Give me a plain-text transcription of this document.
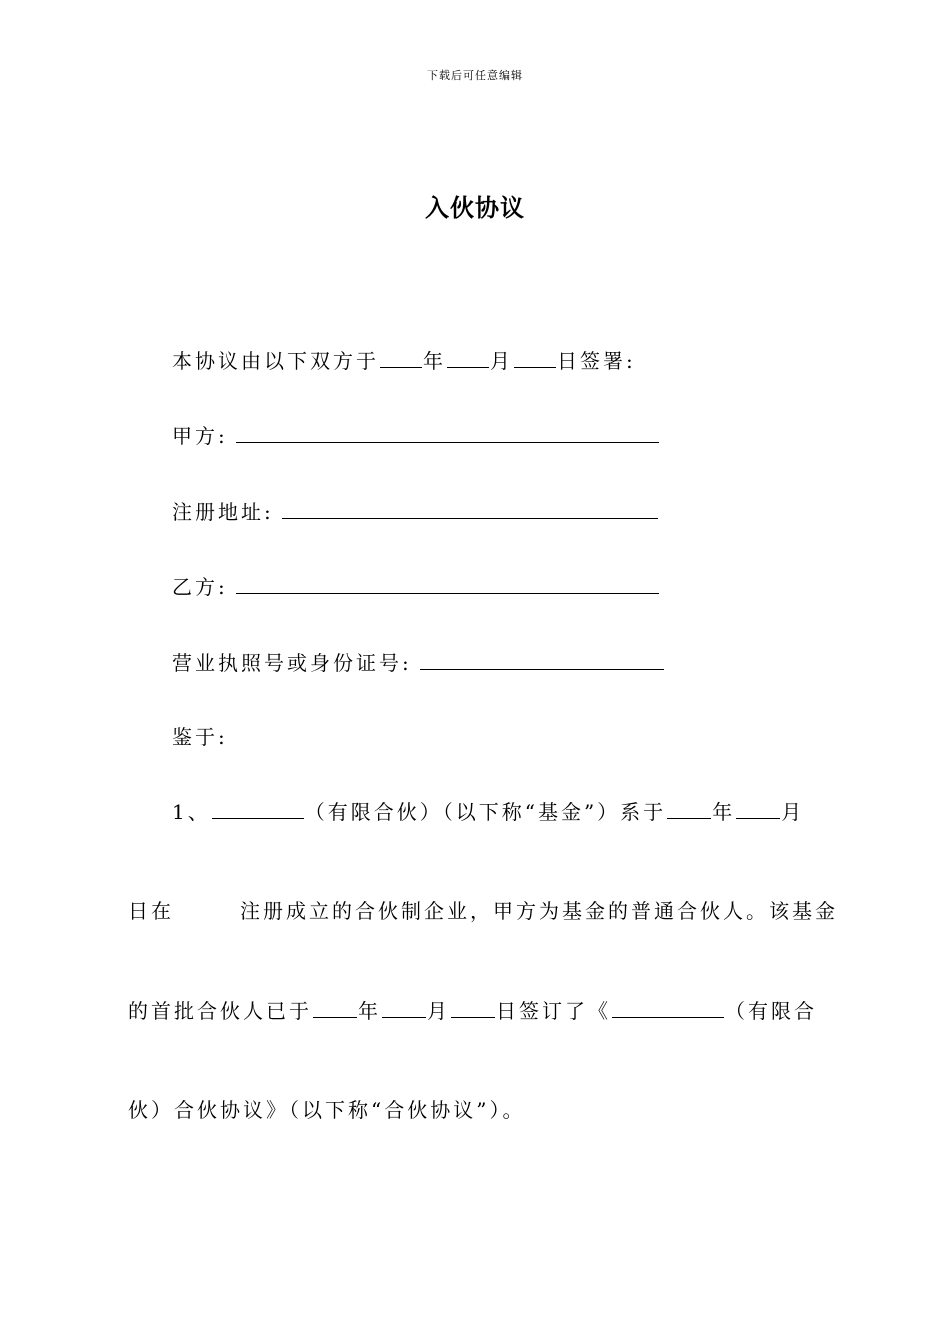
下载后可任意编辑
入伙协议
本协议由以下双方于 年 月 日签署:
甲方:
注册地址:
乙方:
营业执照号或身份证号:
鉴于:
1、	（有限合伙）（以下称“基金”）系于 年 月
日在	注册成立的合伙制企业，甲方为基金的普通合伙人。该基金
的首批合伙人已于 年 月 日签订了《	（有限合
伙）合伙协议》（以下称“合伙协议”）。
